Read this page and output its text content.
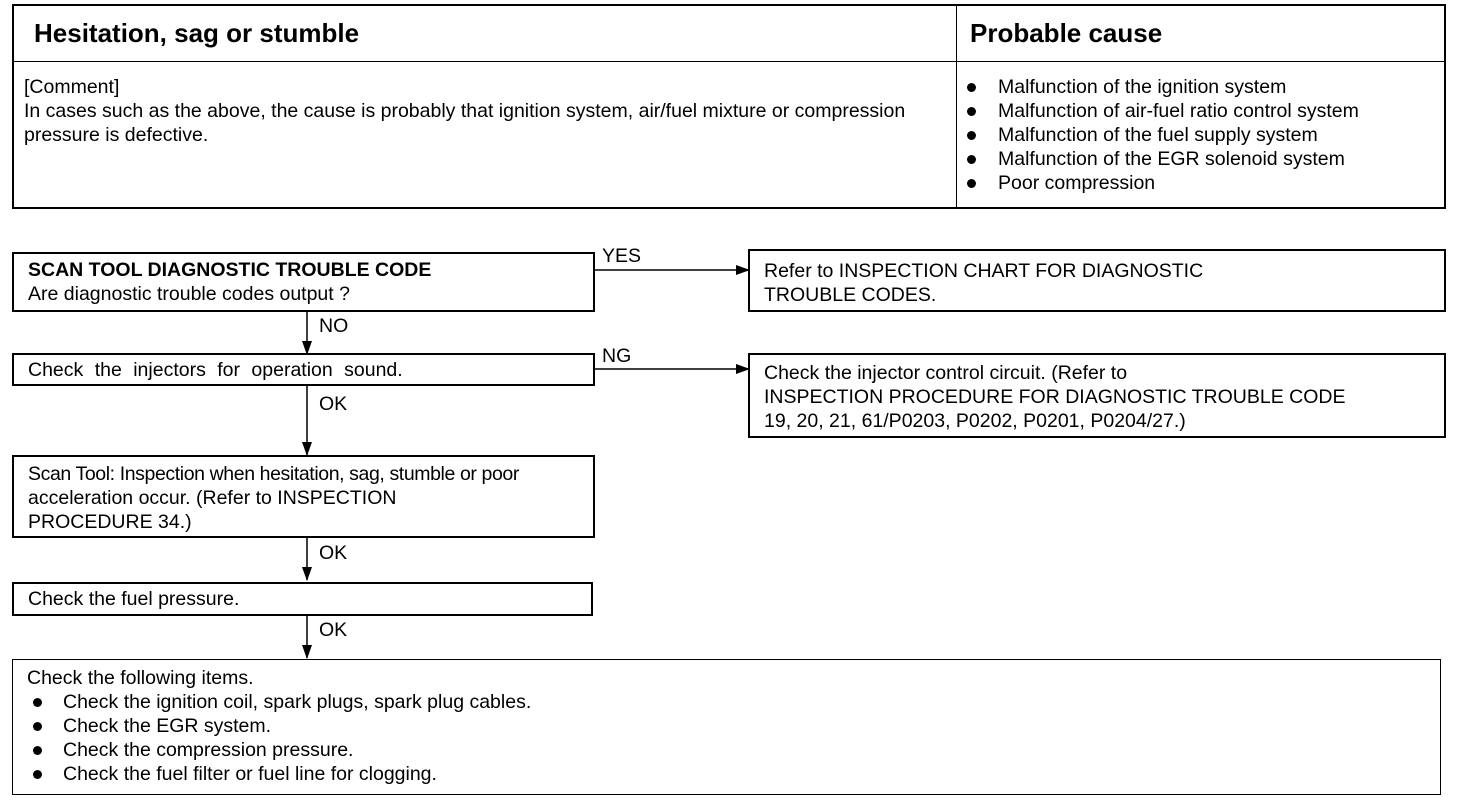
Hesitation, sag or stumble	Probable cause
[Comment]
In cases such as the above, the cause is probably that ignition system, air/fuel mixture or compression pressure is defective.
Malfunction of the ignition system
Malfunction of air-fuel ratio control system
Malfunction of the fuel supply system
Malfunction of the EGR solenoid system
Poor compression
SCAN TOOL DIAGNOSTIC TROUBLE CODE
Are diagnostic trouble codes output ?
YES
Refer to INSPECTION CHART FOR DIAGNOSTIC
TROUBLE CODES.
NO
Check the injectors for operation sound.
NG
Check the injector control circuit. (Refer to
INSPECTION PROCEDURE FOR DIAGNOSTIC TROUBLE CODE
19, 20, 21, 61/P0203, P0202, P0201, P0204/27.)
OK
Scan Tool: Inspection when hesitation, sag, stumble or poor
acceleration occur. (Refer to INSPECTION
PROCEDURE 34.)
OK
Check the fuel pressure.
OK
Check the following items.
Check the ignition coil, spark plugs, spark plug cables.
Check the EGR system.
Check the compression pressure.
Check the fuel filter or fuel line for clogging.
